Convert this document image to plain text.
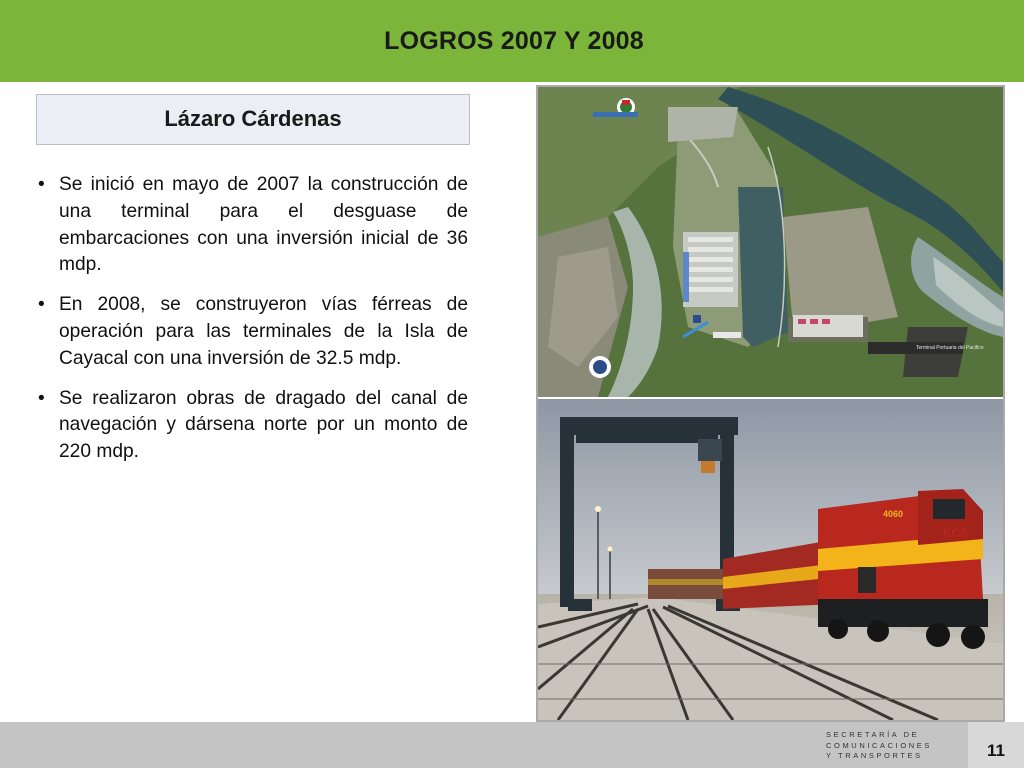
LOGROS 2007 Y 2008
Lázaro Cárdenas
• Se inició en mayo de 2007 la construcción de una terminal para el desguase de embarcaciones con una inversión inicial de 36 mdp.
• En 2008, se construyeron vías férreas de operación para las terminales de la Isla de Cayacal con una inversión de 32.5 mdp.
• Se realizaron obras de dragado del canal de navegación y dársena norte por un monto de 220 mdp.
Terminal Portuaria del Pacifico
KCS
4060
SECRETARÍA DE
COMUNICACIONES
Y TRANSPORTES	11
